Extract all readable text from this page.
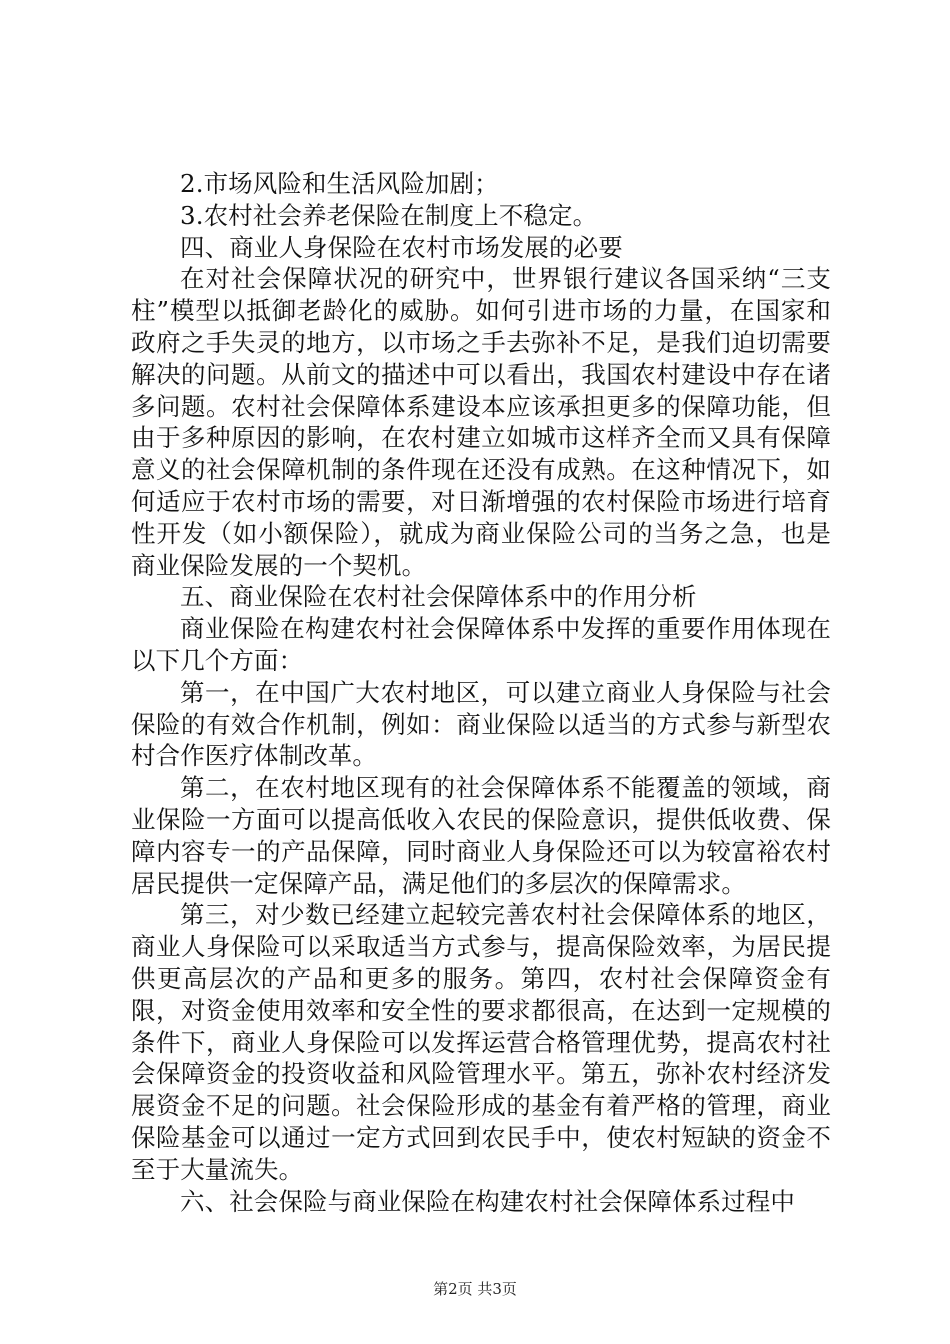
2.市场风险和生活风险加剧；

3.农村社会养老保险在制度上不稳定。

四、商业人身保险在农村市场发展的必要

在对社会保障状况的研究中，世界银行建议各国采纳“三支柱”模型以抵御老龄化的威胁。如何引进市场的力量，在国家和政府之手失灵的地方，以市场之手去弥补不足，是我们迫切需要解决的问题。从前文的描述中可以看出，我国农村建设中存在诸多问题。农村社会保障体系建设本应该承担更多的保障功能，但由于多种原因的影响，在农村建立如城市这样齐全而又具有保障意义的社会保障机制的条件现在还没有成熟。在这种情况下，如何适应于农村市场的需要，对日渐增强的农村保险市场进行培育性开发（如小额保险），就成为商业保险公司的当务之急，也是商业保险发展的一个契机。

五、商业保险在农村社会保障体系中的作用分析

商业保险在构建农村社会保障体系中发挥的重要作用体现在以下几个方面：

第一，在中国广大农村地区，可以建立商业人身保险与社会保险的有效合作机制，例如：商业保险以适当的方式参与新型农村合作医疗体制改革。

第二，在农村地区现有的社会保障体系不能覆盖的领域，商业保险一方面可以提高低收入农民的保险意识，提供低收费、保障内容专一的产品保障，同时商业人身保险还可以为较富裕农村居民提供一定保障产品，满足他们的多层次的保障需求。

第三，对少数已经建立起较完善农村社会保障体系的地区，商业人身保险可以采取适当方式参与，提高保险效率，为居民提供更高层次的产品和更多的服务。第四，农村社会保障资金有限，对资金使用效率和安全性的要求都很高，在达到一定规模的条件下，商业人身保险可以发挥运营合格管理优势，提高农村社会保障资金的投资收益和风险管理水平。第五，弥补农村经济发展资金不足的问题。社会保险形成的基金有着严格的管理，商业保险基金可以通过一定方式回到农民手中，使农村短缺的资金不至于大量流失。

六、社会保险与商业保险在构建农村社会保障体系过程中

第2页 共3页
